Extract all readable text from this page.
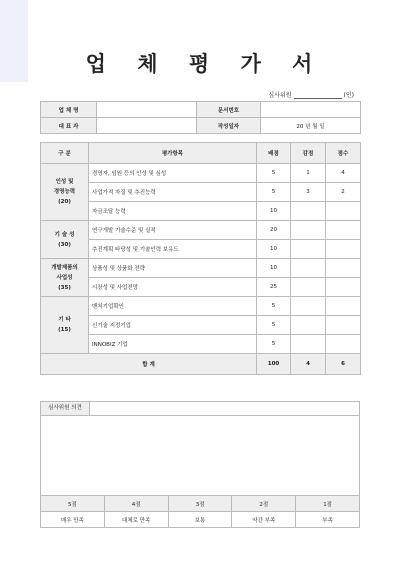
업 체 평 가 서
심사위원	(인)
업 체 명		문서번호	
대 표 자		작성일자	20 년 월 일
구 분	평가항목	배점	감점	점수

인성 및
경영능력
(20)	경영자, 임원 등의 인성 및 심성	5	1	4
	사업가적 자질 및 추진능력	5	3	2
	자금조달 능력	10		

기 술 성
(30)	연구개발 기술수준 및 실적	20		
	추진계획 타당성 및 기술인력 보유도	10		

개발제품의
사업성
(35)	상품성 및 상품화 전략	10		
	시장성 및 사업전망	25		

기 타
(15)	벤처기업확인	5		
	신기술 지정기업	5		
	INNOBIZ 기업	5		
합 계		100	4	6
심사위원 의견				

5점	4점	3점	2점	1점
매우 만족	대체로 만족	보통	약간 부족	부족
